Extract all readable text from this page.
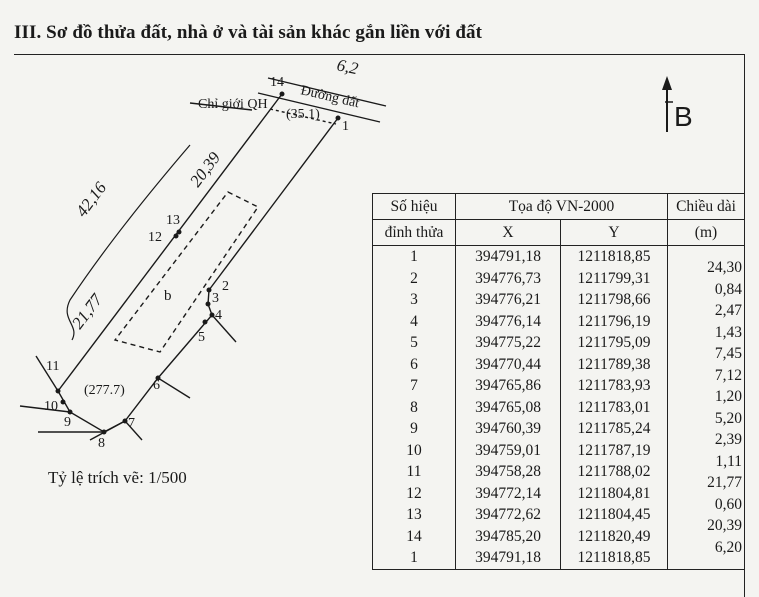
III. Sơ đồ thửa đất, nhà ở và tài sản khác gắn liền với đất
B
Đường đất
6,2
Chỉ giới QH
(35.1)
(277.7)
b
42,16
21,77
20,39
1
2
3
4
5
6
7
8
9
10
11
12
13
14
Tỷ lệ trích vẽ: 1/500
Số hiệu	Tọa độ VN-2000		Chiều dài
đỉnh thửa	X	Y	(m)
1	394791,18	1211818,85	24,30
2	394776,73	1211799,31	0,84
3	394776,21	1211798,66	2,47
4	394776,14	1211796,19	1,43
5	394775,22	1211795,09	7,45
6	394770,44	1211789,38	7,12
7	394765,86	1211783,93	1,20
8	394765,08	1211783,01	5,20
9	394760,39	1211785,24	2,39
10	394759,01	1211787,19	1,11
11	394758,28	1211788,02	21,77
12	394772,14	1211804,81	0,60
13	394772,62	1211804,45	20,39
14	394785,20	1211820,49	6,20
1	394791,18	1211818,85	
